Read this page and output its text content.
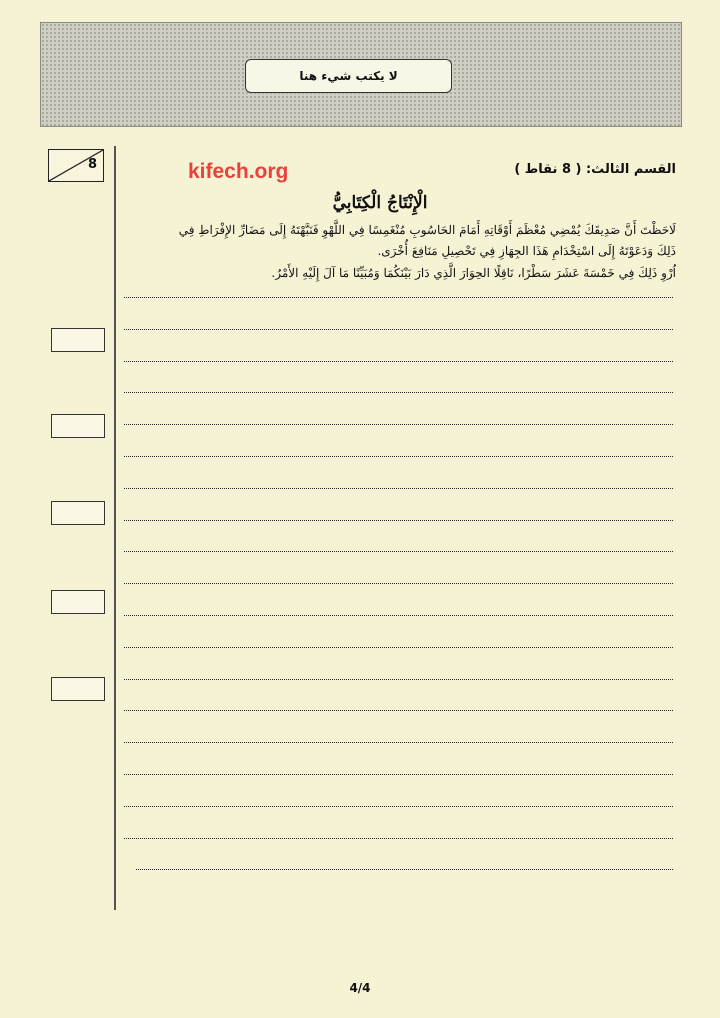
لا يكتب شيء هنا
8	kifech.org	القسم الثالث: ( 8 نقاط )
الْإِنْتَاجُ الْكِتَابِيُّ
لَاحَظْتَ أَنَّ صَدِيقَكَ يُمْضِي مُعْظَمَ أَوْقَاتِهِ أَمَامَ الحَاسُوبِ مُنْغَمِسًا فِي اللَّهْوِ فَنَبَّهْتَهُ إِلَى مَضَارِّ الإِفْرَاطِ فِي
ذَلِكَ وَدَعَوْتَهُ إِلَى اسْتِخْدَامِ هَذَا الجِهَازِ فِي تَحْصِيلِ مَنَافِعَ أُخْرَى.
اُرْوِ ذَلِكَ فِي خَمْسَةَ عَشَرَ سَطْرًا، نَاقِلًا الحِوَارَ الَّذِي دَارَ بَيْنَكُمَا وَمُبَيِّنًا مَا آلَ إِلَيْهِ الأَمْرُ.
4/4
